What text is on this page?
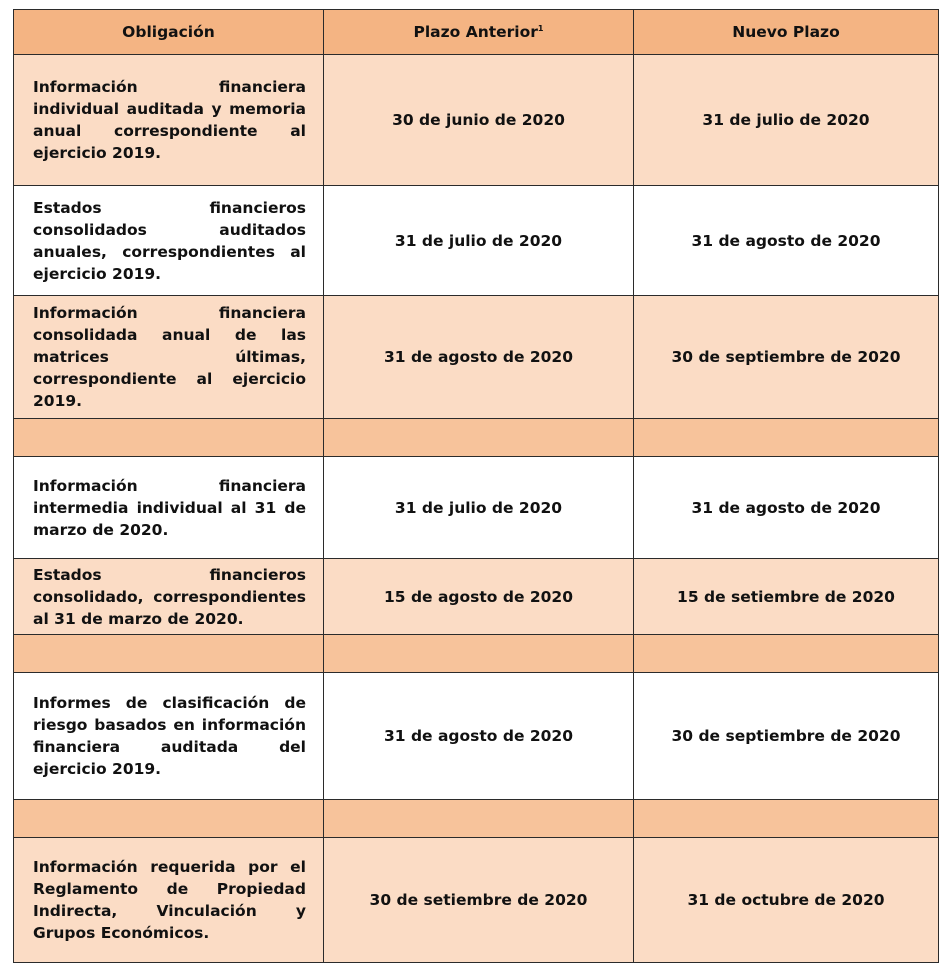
Obligación	Plazo Anterior$^1$	Nuevo Plazo
Información financiera individual auditada y memoria anual correspondiente al ejercicio 2019.	30 de junio de 2020	31 de julio de 2020
Estados financieros consolidados auditados anuales, correspondientes al ejercicio 2019.	31 de julio de 2020	31 de agosto de 2020
Información financiera consolidada anual de las matrices últimas, correspondiente al ejercicio 2019.	31 de agosto de 2020	30 de septiembre de 2020

Información financiera intermedia individual al 31 de marzo de 2020.	31 de julio de 2020	31 de agosto de 2020
Estados financieros consolidado, correspondientes al 31 de marzo de 2020.	15 de agosto de 2020	15 de setiembre de 2020

Informes de clasificación de riesgo basados en información financiera auditada del ejercicio 2019.	31 de agosto de 2020	30 de septiembre de 2020

Información requerida por el Reglamento de Propiedad Indirecta, Vinculación y Grupos Económicos.	30 de setiembre de 2020	31 de octubre de 2020
